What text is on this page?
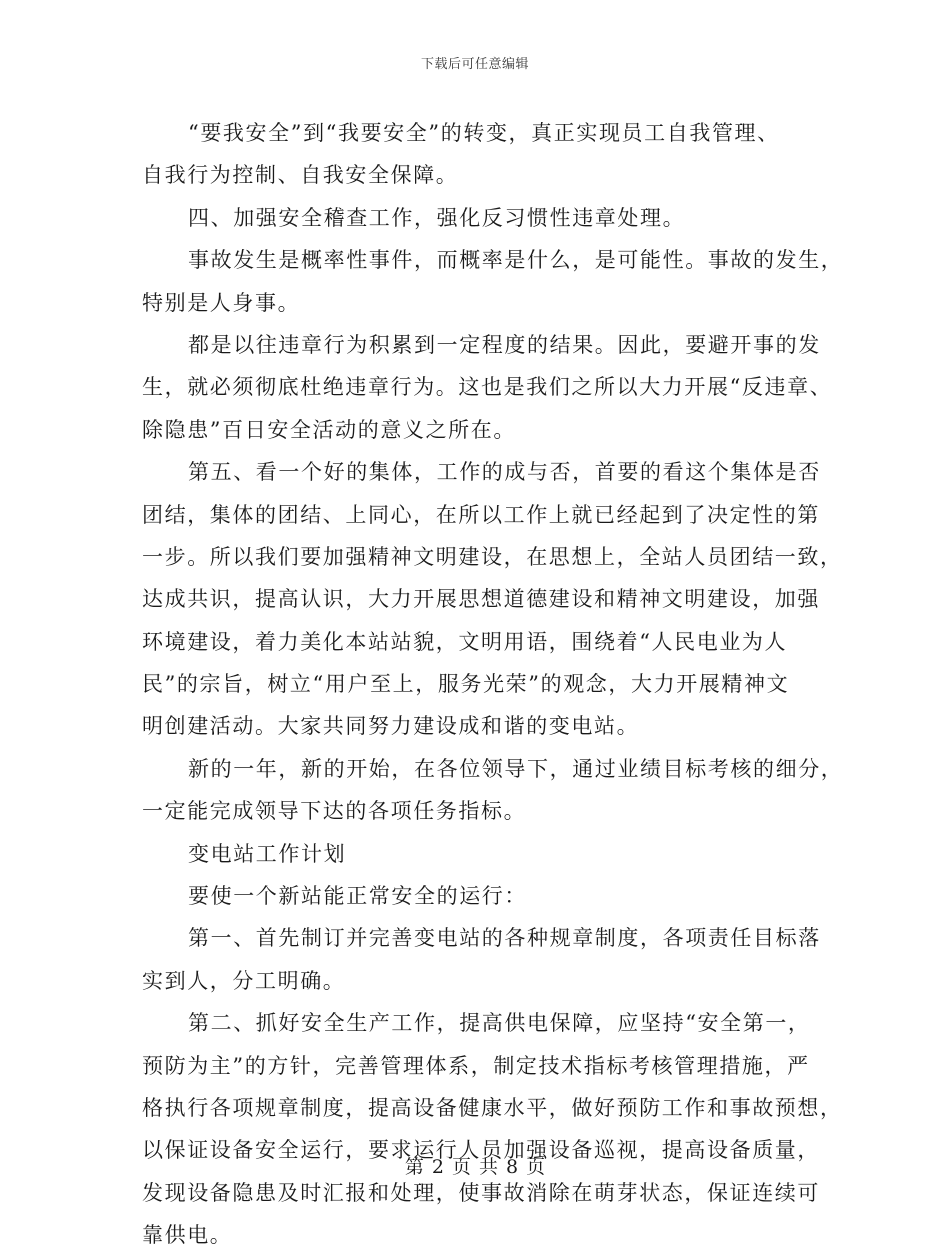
下载后可任意编辑
“要我安全”到“我要安全”的转变，真正实现员工自我管理、
自我行为控制、自我安全保障。
四、加强安全稽查工作，强化反习惯性违章处理。
事故发生是概率性事件，而概率是什么，是可能性。事故的发生，
特别是人身事。
都是以往违章行为积累到一定程度的结果。因此，要避开事的发
生，就必须彻底杜绝违章行为。这也是我们之所以大力开展“反违章、
除隐患”百日安全活动的意义之所在。
第五、看一个好的集体，工作的成与否，首要的看这个集体是否
团结，集体的团结、上同心，在所以工作上就已经起到了决定性的第
一步。所以我们要加强精神文明建设，在思想上，全站人员团结一致，
达成共识，提高认识，大力开展思想道德建设和精神文明建设，加强
环境建设，着力美化本站站貌，文明用语，围绕着“人民电业为人
民”的宗旨，树立“用户至上，服务光荣”的观念，大力开展精神文
明创建活动。大家共同努力建设成和谐的变电站。
新的一年，新的开始，在各位领导下，通过业绩目标考核的细分，
一定能完成领导下达的各项任务指标。
变电站工作计划
要使一个新站能正常安全的运行：
第一、首先制订并完善变电站的各种规章制度，各项责任目标落
实到人，分工明确。
第二、抓好安全生产工作，提高供电保障，应坚持“安全第一，
预防为主”的方针，完善管理体系，制定技术指标考核管理措施，严
格执行各项规章制度，提高设备健康水平，做好预防工作和事故预想，
以保证设备安全运行，要求运行人员加强设备巡视，提高设备质量，
发现设备隐患及时汇报和处理，使事故消除在萌芽状态，保证连续可
靠供电。
第 2 页 共 8 页
